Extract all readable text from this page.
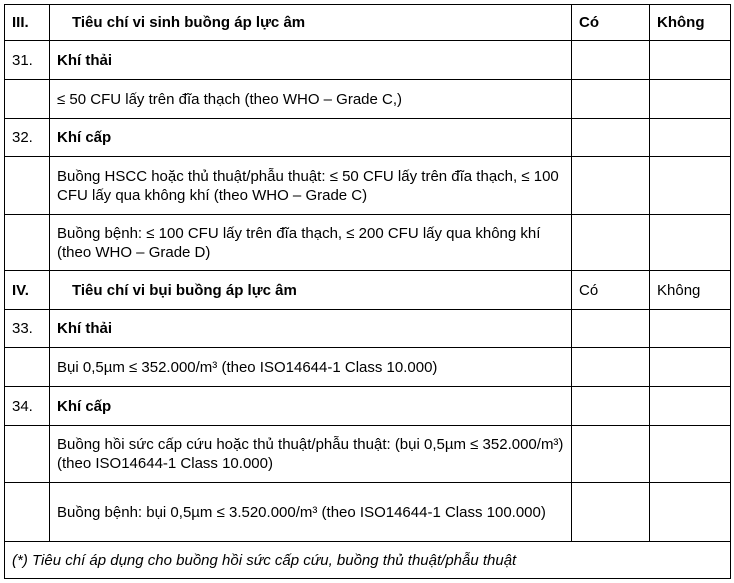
III.	Tiêu chí vi sinh buồng áp lực âm	Có	Không
31.	Khí thải		
	≤ 50 CFU lấy trên đĩa thạch (theo WHO – Grade C,)		
32.	Khí cấp		
	Buồng HSCC hoặc thủ thuật/phẫu thuật: ≤ 50 CFU lấy trên đĩa thạch, ≤ 100 CFU lấy qua không khí (theo WHO – Grade C)		
	Buồng bệnh: ≤ 100 CFU lấy trên đĩa thạch, ≤ 200 CFU lấy qua không khí (theo WHO – Grade D)		
IV.	Tiêu chí vi bụi buồng áp lực âm	Có	Không
33.	Khí thải		
	Bụi 0,5µm ≤ 352.000/m³ (theo ISO14644-1 Class 10.000)		
34.	Khí cấp		
	Buồng hồi sức cấp cứu hoặc thủ thuật/phẫu thuật: (bụi 0,5µm ≤ 352.000/m³) (theo ISO14644-1 Class 10.000)		
	Buồng bệnh: bụi 0,5µm ≤ 3.520.000/m³ (theo ISO14644-1 Class 100.000)		
(*) Tiêu chí áp dụng cho buồng hồi sức cấp cứu, buồng thủ thuật/phẫu thuật			
